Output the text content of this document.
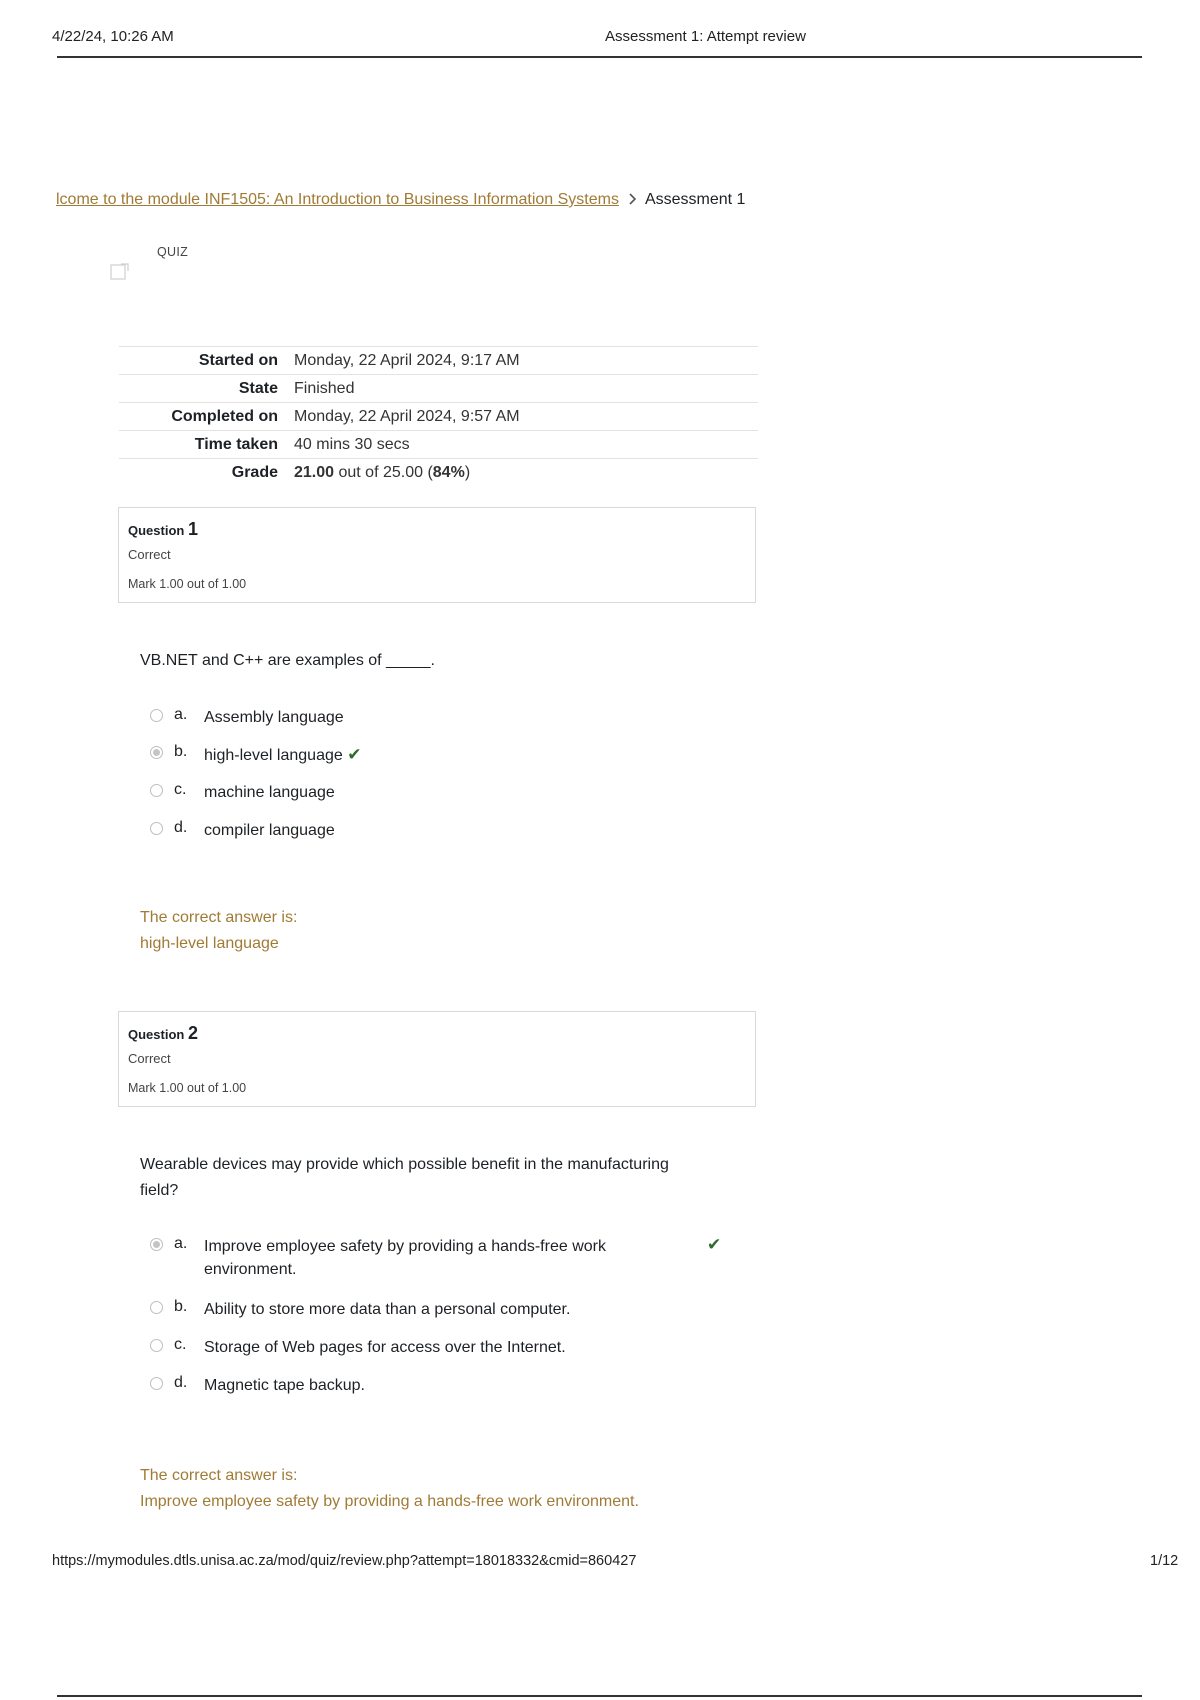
4/22/24, 10:26 AM	Assessment 1: Attempt review
lcome to the module INF1505: An Introduction to Business Information Systems Assessment 1
QUIZ
Started on	Monday, 22 April 2024, 9:17 AM
State	Finished
Completed on	Monday, 22 April 2024, 9:57 AM
Time taken	40 mins 30 secs
Grade	21.00 out of 25.00 (84%)
Question 1
Correct
Mark 1.00 out of 1.00
VB.NET and C++ are examples of _____.
a. Assembly language
b. high-level language ✔
c. machine language
d. compiler language
The correct answer is:
high-level language
Question 2
Correct
Mark 1.00 out of 1.00
Wearable devices may provide which possible benefit in the manufacturing field?
a. Improve employee safety by providing a hands-free work environment.
✔
b. Ability to store more data than a personal computer.
c. Storage of Web pages for access over the Internet.
d. Magnetic tape backup.
The correct answer is:
Improve employee safety by providing a hands-free work environment.
https://mymodules.dtls.unisa.ac.za/mod/quiz/review.php?attempt=18018332&cmid=860427	1/12
